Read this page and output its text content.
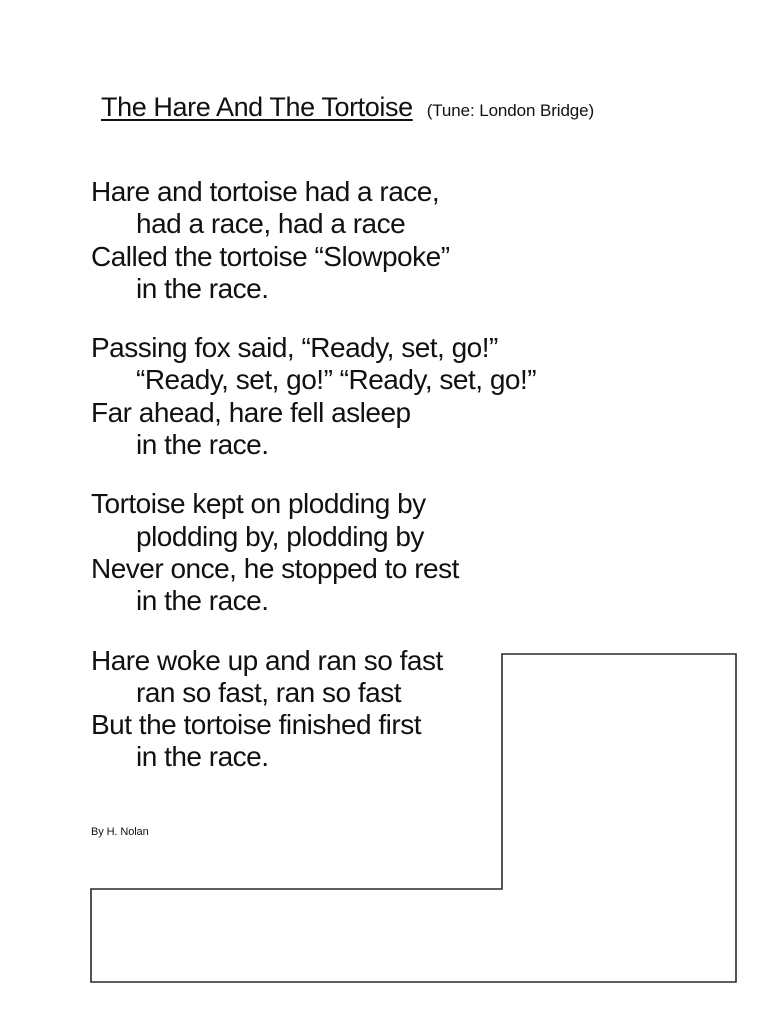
The Hare And The Tortoise (Tune: London Bridge)
Hare and tortoise had a race,
had a race, had a race
Called the tortoise “Slowpoke”
in the race.
Passing fox said, “Ready, set, go!”
“Ready, set, go!” “Ready, set, go!”
Far ahead, hare fell asleep
in the race.
Tortoise kept on plodding by
plodding by, plodding by
Never once, he stopped to rest
in the race.
Hare woke up and ran so fast
ran so fast, ran so fast
But the tortoise finished first
in the race.
By H. Nolan
